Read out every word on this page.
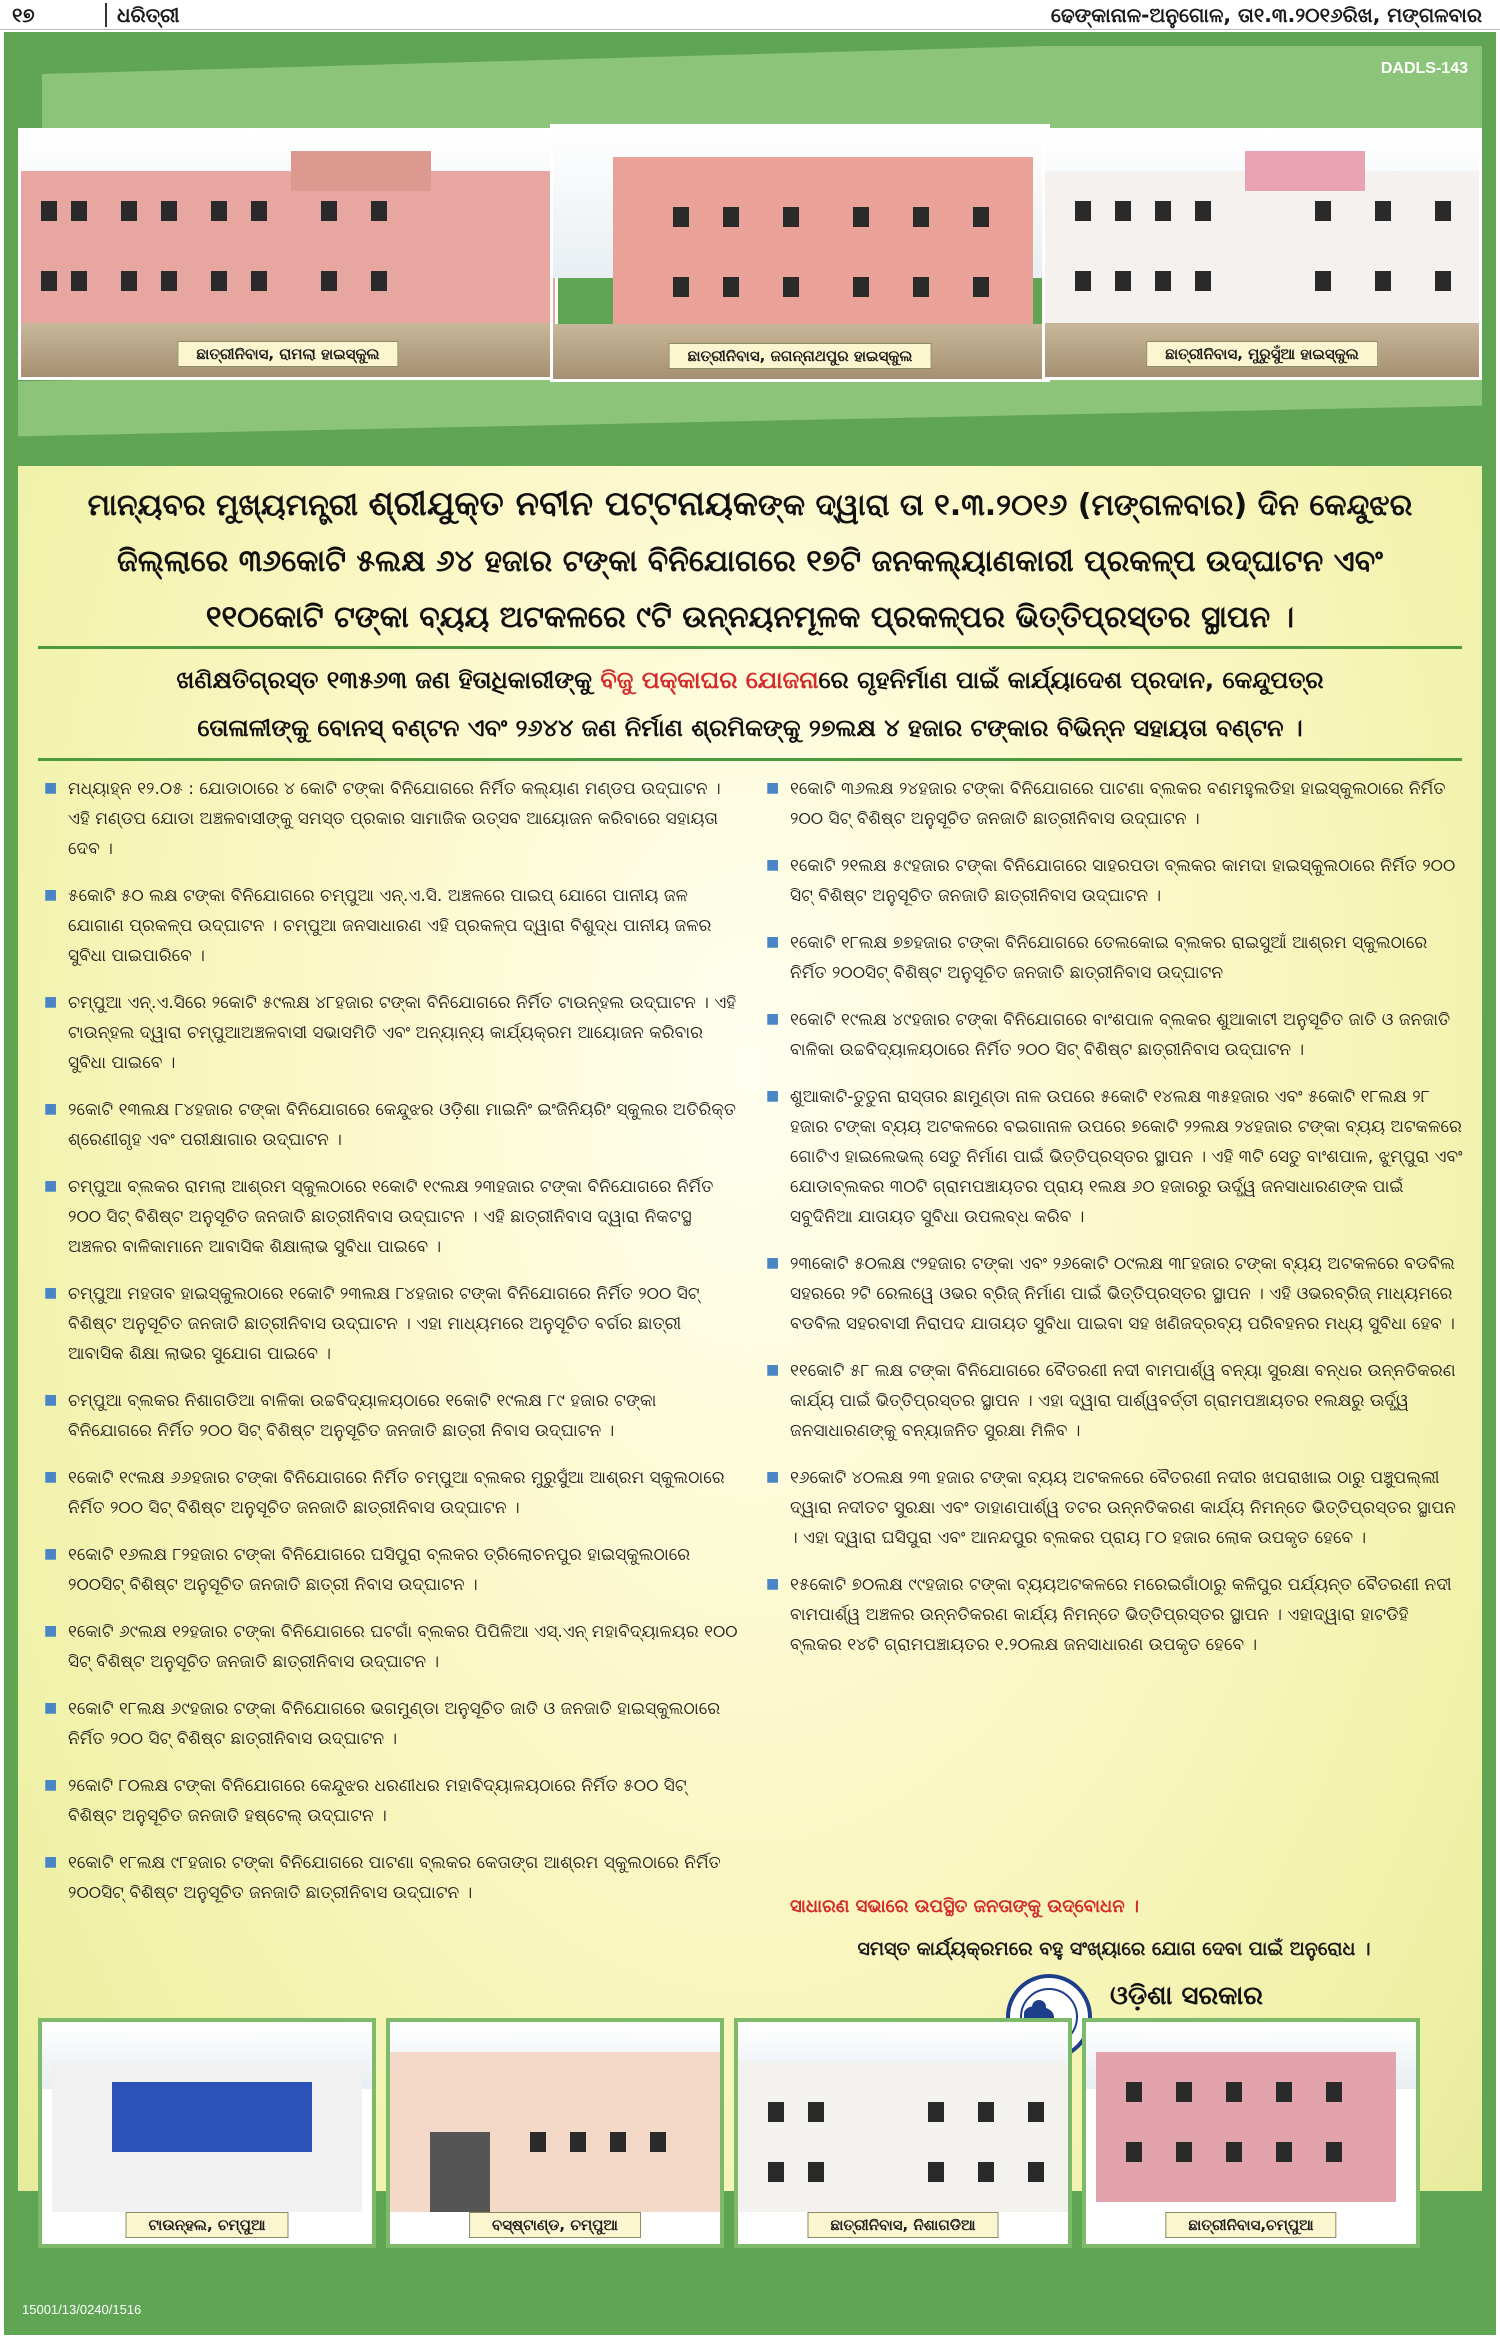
୧୭	ଧରିତ୍ରୀ	ଢେଙ୍କାନାଳ-ଅନୁଗୋଳ, ତା୧.୩.୨୦୧୬ରିଖ, ମଙ୍ଗଳବାର
DADLS-143
ଛାତ୍ରୀନିବାସ, ରାମଲା ହାଇସ୍କୁଲ	ଛାତ୍ରୀନିବାସ, ଜଗନ୍ନାଥପୁର ହାଇସ୍କୁଲ	ଛାତ୍ରୀନିବାସ, ମୁରୁସୁଁଆ ହାଇସ୍କୁଲ
ମାନ୍ୟବର ମୁଖ୍ୟମନ୍ତ୍ରୀ ଶ୍ରୀଯୁକ୍ତ ନବୀନ ପଟ୍ଟନାୟକଙ୍କ ଦ୍ୱାରା ତା ୧.୩.୨୦୧୬ (ମଙ୍ଗଳବାର) ଦିନ କେନ୍ଦୁଝର
ଜିଲ୍ଲାରେ ୩୬କୋଟି ୫ଲକ୍ଷ ୬୪ ହଜାର ଟଙ୍କା ବିନିଯୋଗରେ ୧୭ଟି ଜନକଲ୍ୟାଣକାରୀ ପ୍ରକଳ୍ପ ଉଦ୍‌ଘାଟନ ଏବଂ
୧୧୦କୋଟି ଟଙ୍କା ବ୍ୟୟ ଅଟକଳରେ ୯ଟି ଉନ୍ନୟନମୂଳକ ପ୍ରକଳ୍ପର ଭିତ୍ତିପ୍ରସ୍ତର ସ୍ଥାପନ ।
ଖଣିକ୍ଷତିଗ୍ରସ୍ତ ୧୩୫୬୩ ଜଣ ହିତାଧିକାରୀଙ୍କୁ ବିଜୁ ପକ୍କାଘର ଯୋଜନାରେ ଗୃହନିର୍ମାଣ ପାଇଁ କାର୍ଯ୍ୟାଦେଶ ପ୍ରଦାନ, କେନ୍ଦୁପତ୍ର
ତୋଳାଳୀଙ୍କୁ ବୋନସ୍ ବଣ୍ଟନ ଏବଂ ୨୬୪୪ ଜଣ ନିର୍ମାଣ ଶ୍ରମିକଙ୍କୁ ୨୭ଲକ୍ଷ ୪ ହଜାର ଟଙ୍କାର ବିଭିନ୍ନ ସହାୟତା ବଣ୍ଟନ ।
■ ମଧ୍ୟାହ୍ନ ୧୨.୦୫ : ଯୋଡାଠାରେ ୪ କୋଟି ଟଙ୍କା ବିନିଯୋଗରେ ନିର୍ମିତ କଲ୍ୟାଣ ମଣ୍ଡପ ଉଦ୍‌ଘାଟନ । ଏହି ମଣ୍ଡପ ଯୋଡା ଅଞ୍ଚଳବାସୀଙ୍କୁ ସମସ୍ତ ପ୍ରକାର ସାମାଜିକ ଉତ୍ସବ ଆୟୋଜନ କରିବାରେ ସହାୟତା ଦେବ ।
■ ୫କୋଟି ୫୦ ଲକ୍ଷ ଟଙ୍କା ବିନିଯୋଗରେ ଚମ୍ପୁଆ ଏନ୍.ଏ.ସି. ଅଞ୍ଚଳରେ ପାଇପ୍ ଯୋଗେ ପାନୀୟ ଜଳ ଯୋଗାଣ ପ୍ରକଳ୍ପ ଉଦ୍‌ଘାଟନ । ଚମ୍ପୁଆ ଜନସାଧାରଣ ଏହି ପ୍ରକଳ୍ପ ଦ୍ୱାରା ବିଶୁଦ୍ଧ ପାନୀୟ ଜଳର ସୁବିଧା ପାଇପାରିବେ ।
■ ଚମ୍ପୁଆ ଏନ୍.ଏ.ସିରେ ୨କୋଟି ୫୯ଲକ୍ଷ ୪୮ହଜାର ଟଙ୍କା ବିନିଯୋଗରେ ନିର୍ମିତ ଟାଉନ୍‌ହଲ ଉଦ୍‌ଘାଟନ । ଏହି ଟାଉନ୍‌ହଲ ଦ୍ୱାରା ଚମ୍ପୁଆଅଞ୍ଚଳବାସୀ ସଭାସମିତି ଏବଂ ଅନ୍ୟାନ୍ୟ କାର୍ଯ୍ୟକ୍ରମ ଆୟୋଜନ କରିବାର ସୁବିଧା ପାଇବେ ।
■ ୨କୋଟି ୧୩ଲକ୍ଷ ୮୪ହଜାର ଟଙ୍କା ବିନିଯୋଗରେ କେନ୍ଦୁଝର ଓଡ଼ିଶା ମାଇନିଂ ଇଂଜିନିୟରିଂ ସ୍କୁଲର ଅତିରିକ୍ତ ଶ୍ରେଣୀଗୃହ ଏବଂ ପରୀକ୍ଷାଗାର ଉଦ୍‌ଘାଟନ ।
■ ଚମ୍ପୁଆ ବ୍ଲକର ରାମଲା ଆଶ୍ରମ ସ୍କୁଲଠାରେ ୧କୋଟି ୧୯ଲକ୍ଷ ୨୩ହଜାର ଟଙ୍କା ବିନିଯୋଗରେ ନିର୍ମିତ ୨୦୦ ସିଟ୍ ବିଶିଷ୍ଟ ଅନୁସୂଚିତ ଜନଜାତି ଛାତ୍ରୀନିବାସ ଉଦ୍‌ଘାଟନ । ଏହି ଛାତ୍ରୀନିବାସ ଦ୍ୱାରା ନିକଟସ୍ଥ ଅଞ୍ଚଳର ବାଳିକାମାନେ ଆବାସିକ ଶିକ୍ଷାଲାଭ ସୁବିଧା ପାଇବେ ।
■ ଚମ୍ପୁଆ ମହତାବ ହାଇସ୍କୁଲଠାରେ ୧କୋଟି ୨୩ଲକ୍ଷ ୮୪ହଜାର ଟଙ୍କା ବିନିଯୋଗରେ ନିର୍ମିତ ୨୦୦ ସିଟ୍ ବିଶିଷ୍ଟ ଅନୁସୂଚିତ ଜନଜାତି ଛାତ୍ରୀନିବାସ ଉଦ୍‌ଘାଟନ । ଏହା ମାଧ୍ୟମରେ ଅନୁସୂଚିତ ବର୍ଗର ଛାତ୍ରୀ ଆବାସିକ ଶିକ୍ଷା ଲାଭର ସୁଯୋଗ ପାଇବେ ।
■ ଚମ୍ପୁଆ ବ୍ଲକର ନିଶାଗଡିଆ ବାଳିକା ଉଚ୍ଚବିଦ୍ୟାଳୟଠାରେ ୧କୋଟି ୧୯ଲକ୍ଷ ୮୯ ହଜାର ଟଙ୍କା ବିନିଯୋଗରେ ନିର୍ମିତ ୨୦୦ ସିଟ୍ ବିଶିଷ୍ଟ ଅନୁସୂଚିତ ଜନଜାତି ଛାତ୍ରୀ ନିବାସ ଉଦ୍‌ଘାଟନ ।
■ ୧କୋଟି ୧୯ଲକ୍ଷ ୬୬ହଜାର ଟଙ୍କା ବିନିଯୋଗରେ ନିର୍ମିତ ଚମ୍ପୁଆ ବ୍ଲକର ମୁରୁସୁଁଆ ଆଶ୍ରମ ସ୍କୁଲଠାରେ ନିର୍ମିତ ୨୦୦ ସିଟ୍ ବିଶିଷ୍ଟ ଅନୁସୂଚିତ ଜନଜାତି ଛାତ୍ରୀନିବାସ ଉଦ୍‌ଘାଟନ ।
■ ୧କୋଟି ୧୬ଲକ୍ଷ ୮୨ହଜାର ଟଙ୍କା ବିନିଯୋଗରେ ଘସିପୁରା ବ୍ଲକର ତ୍ରିଲୋଚନପୁର ହାଇସ୍କୁଲଠାରେ ୨୦୦ସିଟ୍ ବିଶିଷ୍ଟ ଅନୁସୂଚିତ ଜନଜାତି ଛାତ୍ରୀ ନିବାସ ଉଦ୍‌ଘାଟନ ।
■ ୧କୋଟି ୬୯ଲକ୍ଷ ୧୨ହଜାର ଟଙ୍କା ବିନିଯୋଗରେ ଘଟଗାଁ ବ୍ଲକର ପିପିଳିଆ ଏସ୍.ଏନ୍ ମହାବିଦ୍ୟାଳୟର ୧୦୦ ସିଟ୍ ବିଶିଷ୍ଟ ଅନୁସୂଚିତ ଜନଜାତି ଛାତ୍ରୀନିବାସ ଉଦ୍‌ଘାଟନ ।
■ ୧କୋଟି ୧୮ଲକ୍ଷ ୬୯ହଜାର ଟଙ୍କା ବିନିଯୋଗରେ ଭଗମୁଣ୍ଡା ଅନୁସୂଚିତ ଜାତି ଓ ଜନଜାତି ହାଇସ୍କୁଲଠାରେ ନିର୍ମିତ ୨୦୦ ସିଟ୍ ବିଶିଷ୍ଟ ଛାତ୍ରୀନିବାସ ଉଦ୍‌ଘାଟନ ।
■ ୨କୋଟି ୮୦ଲକ୍ଷ ଟଙ୍କା ବିନିଯୋଗରେ କେନ୍ଦୁଝର ଧରଣୀଧର ମହାବିଦ୍ୟାଳୟଠାରେ ନିର୍ମିତ ୫୦୦ ସିଟ୍ ବିଶିଷ୍ଟ ଅନୁସୂଚିତ ଜନଜାତି ହଷ୍ଟେଲ୍ ଉଦ୍‌ଘାଟନ ।
■ ୧କୋଟି ୧୮ଲକ୍ଷ ୯୮ହଜାର ଟଙ୍କା ବିନିଯୋଗରେ ପାଟଣା ବ୍ଲକର କେତାଙ୍ଗ ଆଶ୍ରମ ସ୍କୁଲଠାରେ ନିର୍ମିତ ୨୦୦ସିଟ୍ ବିଶିଷ୍ଟ ଅନୁସୂଚିତ ଜନଜାତି ଛାତ୍ରୀନିବାସ ଉଦ୍‌ଘାଟନ ।
■ ୧କୋଟି ୩୬ଲକ୍ଷ ୨୪ହଜାର ଟଙ୍କା ବିନିଯୋଗରେ ପାଟଣା ବ୍ଲକର ବଣମହୁଲଡିହା ହାଇସ୍କୁଲଠାରେ ନିର୍ମିତ ୨୦୦ ସିଟ୍ ବିଶିଷ୍ଟ ଅନୁସୂଚିତ ଜନଜାତି ଛାତ୍ରୀନିବାସ ଉଦ୍‌ଘାଟନ ।
■ ୧କୋଟି ୨୧ଲକ୍ଷ ୫୯ହଜାର ଟଙ୍କା ବିନିଯୋଗରେ ସାହରପଡା ବ୍ଲକର କାମଦା ହାଇସ୍କୁଲଠାରେ ନିର୍ମିତ ୨୦୦ ସିଟ୍ ବିଶିଷ୍ଟ ଅନୁସୂଚିତ ଜନଜାତି ଛାତ୍ରୀନିବାସ ଉଦ୍‌ଘାଟନ ।
■ ୧କୋଟି ୧୮ଲକ୍ଷ ୭୭ହଜାର ଟଙ୍କା ବିନିଯୋଗରେ ତେଲକୋଇ ବ୍ଲକର ରାଇସୁଆଁ ଆଶ୍ରମ ସ୍କୁଲଠାରେ ନିର୍ମିତ ୨୦୦ସିଟ୍ ବିଶିଷ୍ଟ ଅନୁସୂଚିତ ଜନଜାତି ଛାତ୍ରୀନିବାସ ଉଦ୍‌ଘାଟନ
■ ୧କୋଟି ୧୯ଲକ୍ଷ ୪୯ହଜାର ଟଙ୍କା ବିନିଯୋଗରେ ବାଂଶପାଳ ବ୍ଲକର ଶୁଆକାଟୀ ଅନୁସୂଚିତ ଜାତି ଓ ଜନଜାତି ବାଳିକା ଉଚ୍ଚବିଦ୍ୟାଳୟଠାରେ ନିର୍ମିତ ୨୦୦ ସିଟ୍ ବିଶିଷ୍ଟ ଛାତ୍ରୀନିବାସ ଉଦ୍‌ଘାଟନ ।
■ ଶୁଆକାଟି-ତୁତୁନା ରାସ୍ତାର ଛାମୁଣ୍ଡା ନାଳ ଉପରେ ୫କୋଟି ୧୪ଲକ୍ଷ ୩୫ହଜାର ଏବଂ ୫କୋଟି ୧୮ଲକ୍ଷ ୨୮ ହଜାର ଟଙ୍କା ବ୍ୟୟ ଅଟକଳରେ ବଇଗାନାଳ ଉପରେ ୭କୋଟି ୨୨ଲକ୍ଷ ୨୪ହଜାର ଟଙ୍କା ବ୍ୟୟ ଅଟକଳରେ ଗୋଟିଏ ହାଇଲେଭଲ୍ ସେତୁ ନିର୍ମାଣ ପାଇଁ ଭିତ୍ତିପ୍ରସ୍ତର ସ୍ଥାପନ । ଏହି ୩ଟି ସେତୁ ବାଂଶପାଳ, ଝୁମ୍ପୁରା ଏବଂ ଯୋଡାବ୍ଲକର ୩୦ଟି ଗ୍ରାମପଞ୍ଚାୟତର ପ୍ରାୟ ୧ଲକ୍ଷ ୬୦ ହଜାରରୁ ଊର୍ଦ୍ଧ୍ୱ ଜନସାଧାରଣଙ୍କ ପାଇଁ ସବୁଦିନିଆ ଯାତାୟତ ସୁବିଧା ଉପଲବ୍ଧ କରିବ ।
■ ୨୩କୋଟି ୫୦ଲକ୍ଷ ୯୨ହଜାର ଟଙ୍କା ଏବଂ ୨୬କୋଟି ୦୯ଲକ୍ଷ ୩୮ହଜାର ଟଙ୍କା ବ୍ୟୟ ଅଟକଳରେ ବଡବିଲ ସହରରେ ୨ଟି ରେଲୱେ ଓଭର ବ୍ରିଜ୍ ନିର୍ମାଣ ପାଇଁ ଭିତ୍ତିପ୍ରସ୍ତର ସ୍ଥାପନ । ଏହି ଓଭରବ୍ରିଜ୍ ମାଧ୍ୟମରେ ବଡବିଲ ସହରବାସୀ ନିରାପଦ ଯାତାୟତ ସୁବିଧା ପାଇବା ସହ ଖଣିଜଦ୍ରବ୍ୟ ପରିବହନର ମଧ୍ୟ ସୁବିଧା ହେବ ।
■ ୧୧କୋଟି ୫୮ ଲକ୍ଷ ଟଙ୍କା ବିନିଯୋଗରେ ବୈତରଣୀ ନଦୀ ବାମପାର୍ଶ୍ୱ ବନ୍ୟା ସୁରକ୍ଷା ବନ୍ଧର ଉନ୍ନତିକରଣ କାର୍ଯ୍ୟ ପାଇଁ ଭିତ୍ତିପ୍ରସ୍ତର ସ୍ଥାପନ । ଏହା ଦ୍ୱାରା ପାର୍ଶ୍ୱବର୍ତ୍ତୀ ଗ୍ରାମପଞ୍ଚାୟତର ୧ଲକ୍ଷରୁ ଊର୍ଦ୍ଧ୍ୱ ଜନସାଧାରଣଙ୍କୁ ବନ୍ୟାଜନିତ ସୁରକ୍ଷା ମିଳିବ ।
■ ୧୬କୋଟି ୪୦ଲକ୍ଷ ୨୩ ହଜାର ଟଙ୍କା ବ୍ୟୟ ଅଟକଳରେ ବୈତରଣୀ ନଦୀର ଖପରାଖାଇ ଠାରୁ ପଞ୍ଚୁପଲ୍ଲୀ ଦ୍ୱାରା ନଦୀତଟ ସୁରକ୍ଷା ଏବଂ ଡାହାଣପାର୍ଶ୍ୱ ତଟର ଉନ୍ନତିକରଣ କାର୍ଯ୍ୟ ନିମନ୍ତେ ଭିତ୍ତିପ୍ରସ୍ତର ସ୍ଥାପନ । ଏହା ଦ୍ୱାରା ଘସିପୁରା ଏବଂ ଆନନ୍ଦପୁର ବ୍ଲକର ପ୍ରାୟ ୮୦ ହଜାର ଲୋକ ଉପକୃତ ହେବେ ।
■ ୧୫କୋଟି ୭୦ଲକ୍ଷ ୯୯ହଜାର ଟଙ୍କା ବ୍ୟୟଅଟକଳରେ ମରେଇଗାଁଠାରୁ କଳିପୁର ପର୍ଯ୍ୟନ୍ତ ବୈତରଣୀ ନଦୀ ବାମପାର୍ଶ୍ୱ ଅଞ୍ଚଳର ଉନ୍ନତିକରଣ କାର୍ଯ୍ୟ ନିମନ୍ତେ ଭିତ୍ତିପ୍ରସ୍ତର ସ୍ଥାପନ । ଏହାଦ୍ୱାରା ହାଟଡିହି ବ୍ଲକର ୧୪ଟି ଗ୍ରାମପଞ୍ଚାୟତର ୧.୨୦ଲକ୍ଷ ଜନସାଧାରଣ ଉପକୃତ ହେବେ ।
ସାଧାରଣ ସଭାରେ ଉପସ୍ଥିତ ଜନତାଙ୍କୁ ଉଦ୍‌ବୋଧନ ।
ସମସ୍ତ କାର୍ଯ୍ୟକ୍ରମରେ ବହୁ ସଂଖ୍ୟାରେ ଯୋଗ ଦେବା ପାଇଁ ଅନୁରୋଧ ।
ଓଡ଼ିଶା ସରକାର
ଟାଉନ୍‌ହଲ, ଚମ୍ପୁଆ	ବସ୍‌ଷ୍ଟାଣ୍ଡ, ଚମ୍ପୁଆ	ଛାତ୍ରୀନିବାସ, ନିଶାଗଡିଆ	ଛାତ୍ରୀନିବାସ,ଚମ୍ପୁଆ
15001/13/0240/1516
